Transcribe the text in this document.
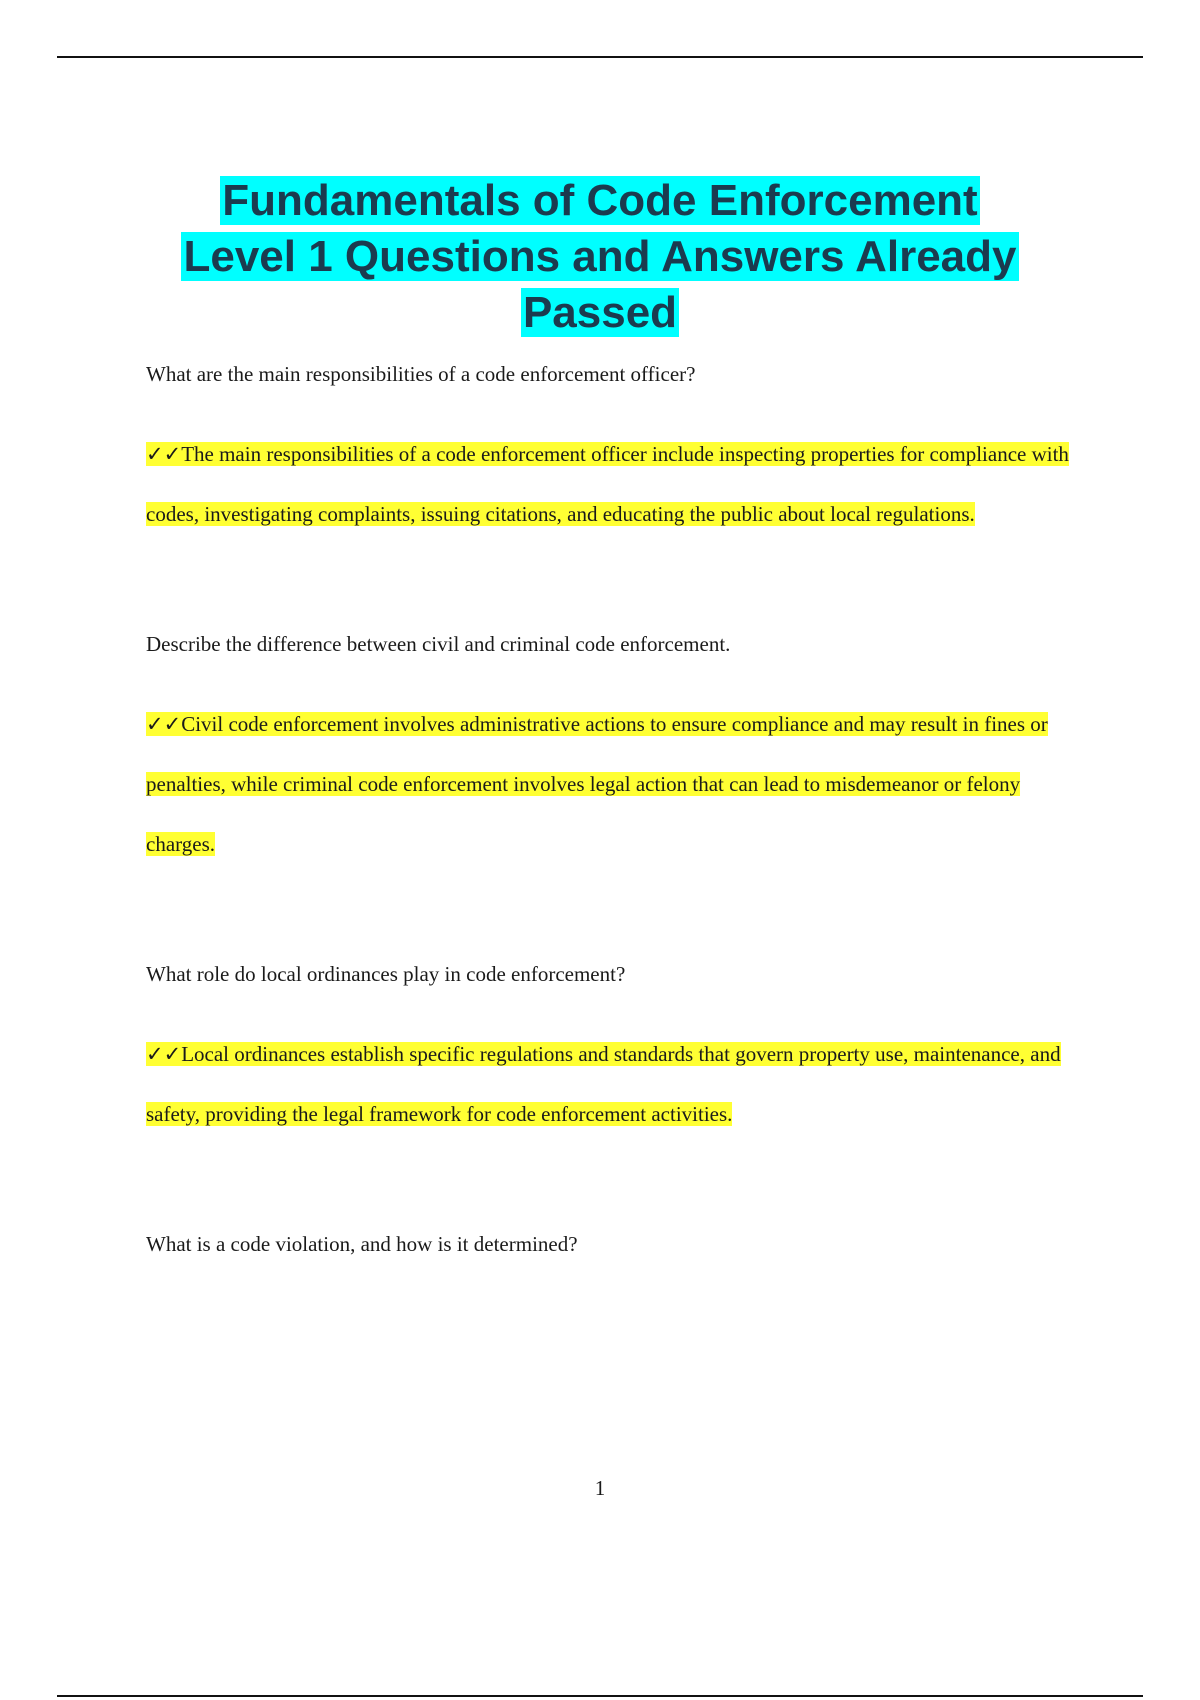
Fundamentals of Code Enforcement
Level 1 Questions and Answers Already
Passed

What are the main responsibilities of a code enforcement officer?

✓✓The main responsibilities of a code enforcement officer include inspecting properties for compliance with codes, investigating complaints, issuing citations, and educating the public about local regulations.

Describe the difference between civil and criminal code enforcement.

✓✓Civil code enforcement involves administrative actions to ensure compliance and may result in fines or penalties, while criminal code enforcement involves legal action that can lead to misdemeanor or felony charges.

What role do local ordinances play in code enforcement?

✓✓Local ordinances establish specific regulations and standards that govern property use, maintenance, and safety, providing the legal framework for code enforcement activities.

What is a code violation, and how is it determined?

1
